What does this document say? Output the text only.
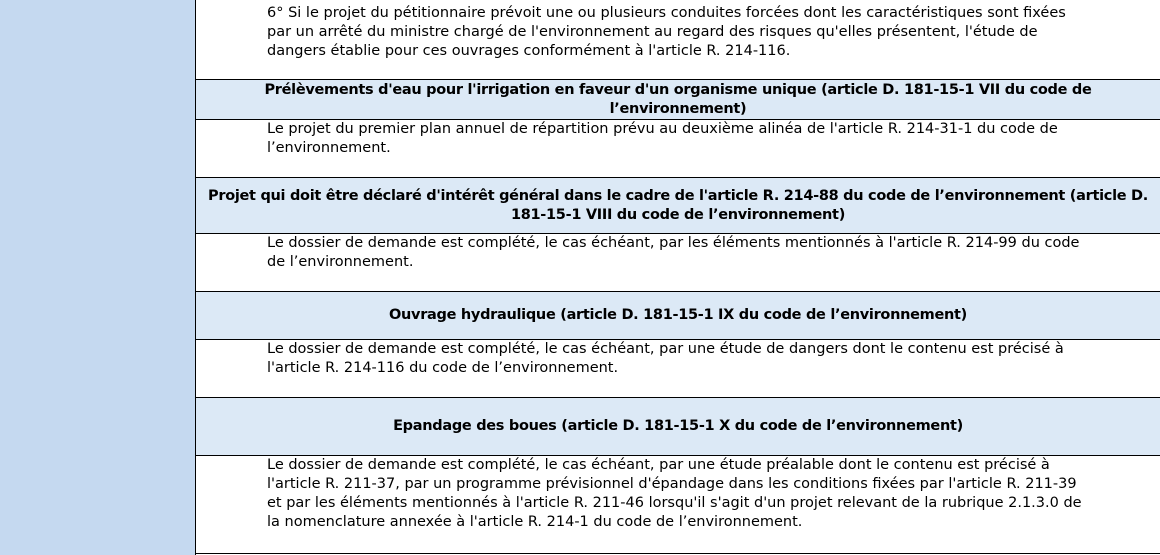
6° Si le projet du pétitionnaire prévoit une ou plusieurs conduites forcées dont les caractéristiques sont fixées
par un arrêté du ministre chargé de l'environnement au regard des risques qu'elles présentent, l'étude de
dangers établie pour ces ouvrages conformément à l'article R. 214-116.
Prélèvements d'eau pour l'irrigation en faveur d'un organisme unique (article D. 181-15-1 VII du code de
l’environnement)
Le projet du premier plan annuel de répartition prévu au deuxième alinéa de l'article R. 214-31-1 du code de
l’environnement.
Projet qui doit être déclaré d'intérêt général dans le cadre de l'article R. 214-88 du code de l’environnement (article D.
181-15-1 VIII du code de l’environnement)
Le dossier de demande est complété, le cas échéant, par les éléments mentionnés à l'article R. 214-99 du code
de l’environnement.
Ouvrage hydraulique (article D. 181-15-1 IX du code de l’environnement)
Le dossier de demande est complété, le cas échéant, par une étude de dangers dont le contenu est précisé à
l'article R. 214-116 du code de l’environnement.
Epandage des boues (article D. 181-15-1 X du code de l’environnement)
Le dossier de demande est complété, le cas échéant, par une étude préalable dont le contenu est précisé à
l'article R. 211-37, par un programme prévisionnel d'épandage dans les conditions fixées par l'article R. 211-39
et par les éléments mentionnés à l'article R. 211-46 lorsqu'il s'agit d'un projet relevant de la rubrique 2.1.3.0 de
la nomenclature annexée à l'article R. 214-1 du code de l’environnement.
